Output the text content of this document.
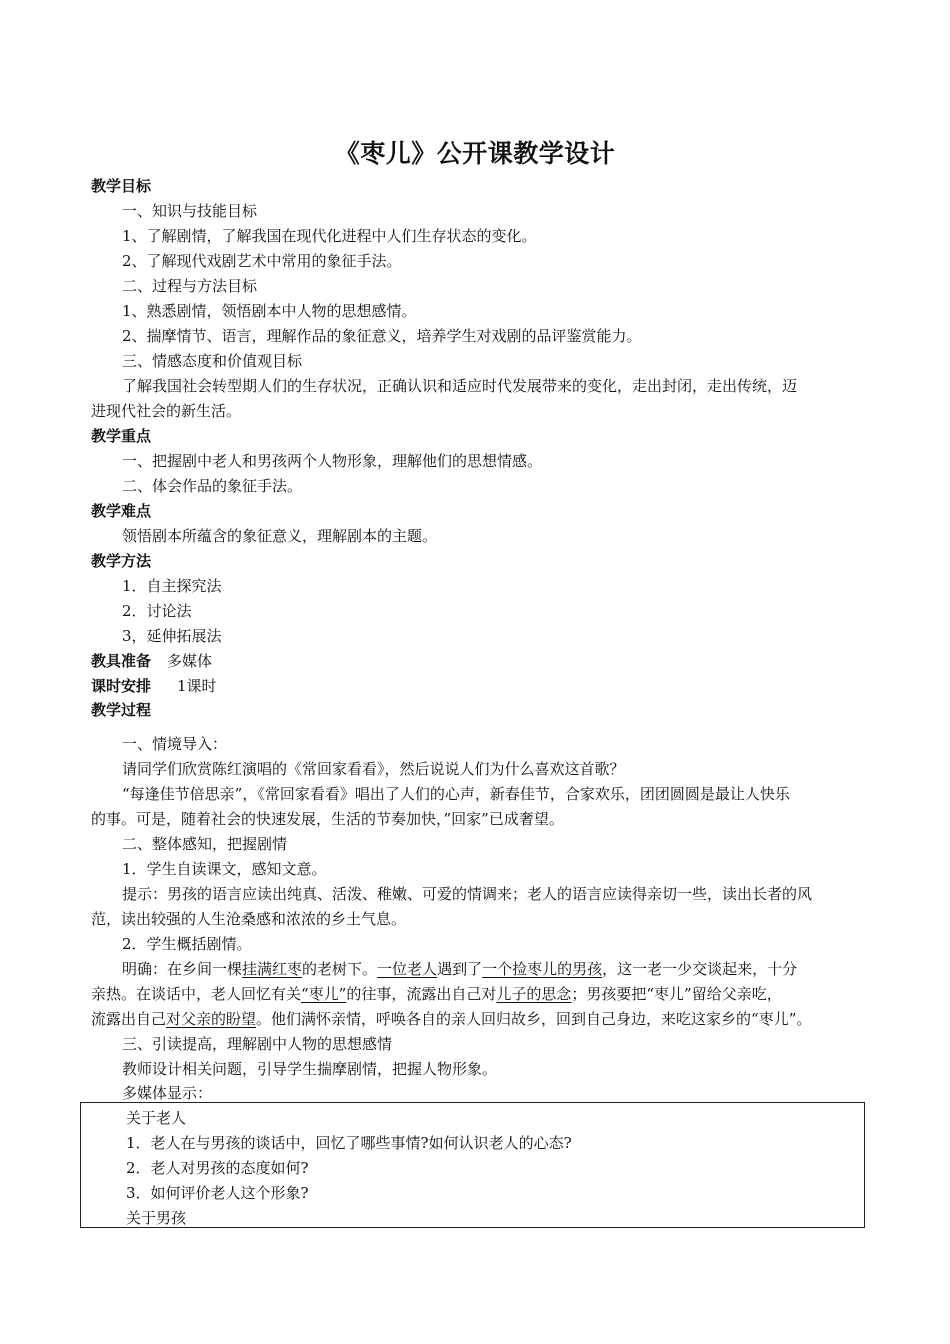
《枣儿》公开课教学设计
教学目标
一、知识与技能目标
1、了解剧情，了解我国在现代化进程中人们生存状态的变化。
2、了解现代戏剧艺术中常用的象征手法。
二、过程与方法目标
1、熟悉剧情，领悟剧本中人物的思想感情。
2、揣摩情节、语言，理解作品的象征意义，培养学生对戏剧的品评鉴赏能力。
三、情感态度和价值观目标
了解我国社会转型期人们的生存状况，正确认识和适应时代发展带来的变化，走出封闭，走出传统，迈
进现代社会的新生活。
教学重点
一、把握剧中老人和男孩两个人物形象，理解他们的思想情感。
二、体会作品的象征手法。
教学难点
领悟剧本所蕴含的象征意义，理解剧本的主题。
教学方法
1．自主探究法
2．讨论法
3，延伸拓展法
教具准备 多媒体
课时安排 1课时
教学过程
一、情境导入：
请同学们欣赏陈红演唱的《常回家看看》，然后说说人们为什么喜欢这首歌？
“每逢佳节倍思亲”，《常回家看看》唱出了人们的心声，新春佳节，合家欢乐，团团圆圆是最让人快乐
的事。可是，随着社会的快速发展，生活的节奏加快，”回家”已成奢望。
二、整体感知，把握剧情
1．学生自读课文，感知文意。
提示：男孩的语言应读出纯真、活泼、稚嫩、可爱的情调来；老人的语言应读得亲切一些，读出长者的风
范，读出较强的人生沧桑感和浓浓的乡土气息。
2．学生概括剧情。
明确：在乡间一棵挂满红枣的老树下。一位老人遇到了一个捡枣儿的男孩，这一老一少交谈起来，十分
亲热。在谈话中，老人回忆有关“枣儿”的往事，流露出自己对儿子的思念；男孩要把“枣儿”留给父亲吃，
流露出自己对父亲的盼望。他们满怀亲情，呼唤各自的亲人回归故乡，回到自己身边，来吃这家乡的“枣儿”。
三、引读提高，理解剧中人物的思想感情
教师设计相关问题，引导学生揣摩剧情，把握人物形象。
多媒体显示：
关于老人
1．老人在与男孩的谈话中，回忆了哪些事情?如何认识老人的心态?
2．老人对男孩的态度如何?
3．如何评价老人这个形象?
关于男孩
